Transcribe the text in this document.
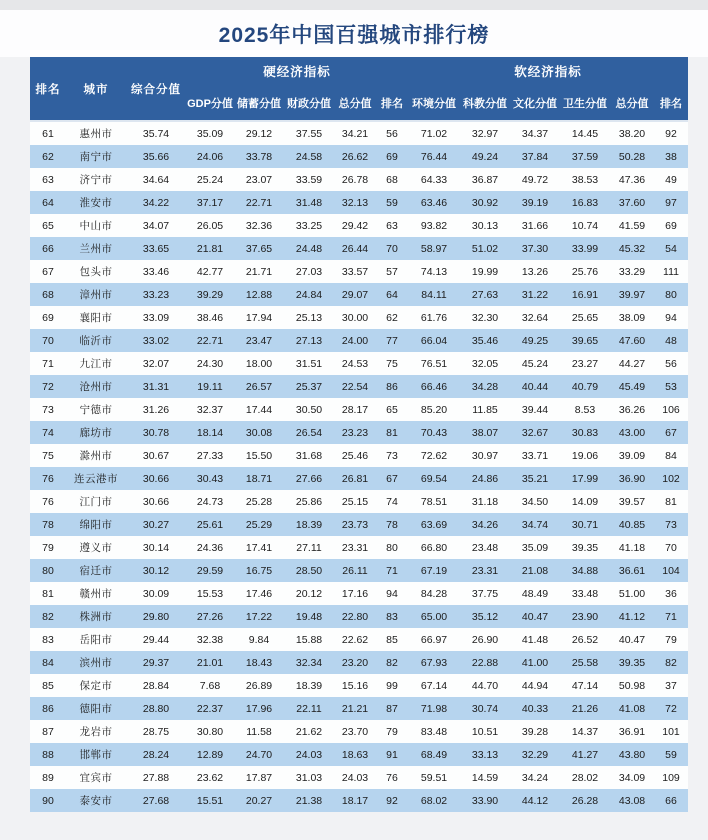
2025年中国百强城市排行榜
排名	城市	综合分值	硬经济指标					软经济指标					
			GDP分值	储蓄分值	财政分值	总分值	排名	环境分值	科教分值	文化分值	卫生分值	总分值	排名
61	惠州市	35.74	35.09	29.12	37.55	34.21	56	71.02	32.97	34.37	14.45	38.20	92
62	南宁市	35.66	24.06	33.78	24.58	26.62	69	76.44	49.24	37.84	37.59	50.28	38
63	济宁市	34.64	25.24	23.07	33.59	26.78	68	64.33	36.87	49.72	38.53	47.36	49
64	淮安市	34.22	37.17	22.71	31.48	32.13	59	63.46	30.92	39.19	16.83	37.60	97
65	中山市	34.07	26.05	32.36	33.25	29.42	63	93.82	30.13	31.66	10.74	41.59	69
66	兰州市	33.65	21.81	37.65	24.48	26.44	70	58.97	51.02	37.30	33.99	45.32	54
67	包头市	33.46	42.77	21.71	27.03	33.57	57	74.13	19.99	13.26	25.76	33.29	111
68	漳州市	33.23	39.29	12.88	24.84	29.07	64	84.11	27.63	31.22	16.91	39.97	80
69	襄阳市	33.09	38.46	17.94	25.13	30.00	62	61.76	32.30	32.64	25.65	38.09	94
70	临沂市	33.02	22.71	23.47	27.13	24.00	77	66.04	35.46	49.25	39.65	47.60	48
71	九江市	32.07	24.30	18.00	31.51	24.53	75	76.51	32.05	45.24	23.27	44.27	56
72	沧州市	31.31	19.11	26.57	25.37	22.54	86	66.46	34.28	40.44	40.79	45.49	53
73	宁德市	31.26	32.37	17.44	30.50	28.17	65	85.20	11.85	39.44	8.53	36.26	106
74	廊坊市	30.78	18.14	30.08	26.54	23.23	81	70.43	38.07	32.67	30.83	43.00	67
75	滁州市	30.67	27.33	15.50	31.68	25.46	73	72.62	30.97	33.71	19.06	39.09	84
76	连云港市	30.66	30.43	18.71	27.66	26.81	67	69.54	24.86	35.21	17.99	36.90	102
76	江门市	30.66	24.73	25.28	25.86	25.15	74	78.51	31.18	34.50	14.09	39.57	81
78	绵阳市	30.27	25.61	25.29	18.39	23.73	78	63.69	34.26	34.74	30.71	40.85	73
79	遵义市	30.14	24.36	17.41	27.11	23.31	80	66.80	23.48	35.09	39.35	41.18	70
80	宿迁市	30.12	29.59	16.75	28.50	26.11	71	67.19	23.31	21.08	34.88	36.61	104
81	赣州市	30.09	15.53	17.46	20.12	17.16	94	84.28	37.75	48.49	33.48	51.00	36
82	株洲市	29.80	27.26	17.22	19.48	22.80	83	65.00	35.12	40.47	23.90	41.12	71
83	岳阳市	29.44	32.38	9.84	15.88	22.62	85	66.97	26.90	41.48	26.52	40.47	79
84	滨州市	29.37	21.01	18.43	32.34	23.20	82	67.93	22.88	41.00	25.58	39.35	82
85	保定市	28.84	7.68	26.89	18.39	15.16	99	67.14	44.70	44.94	47.14	50.98	37
86	德阳市	28.80	22.37	17.96	22.11	21.21	87	71.98	30.74	40.33	21.26	41.08	72
87	龙岩市	28.75	30.80	11.58	21.62	23.70	79	83.48	10.51	39.28	14.37	36.91	101
88	邯郸市	28.24	12.89	24.70	24.03	18.63	91	68.49	33.13	32.29	41.27	43.80	59
89	宜宾市	27.88	23.62	17.87	31.03	24.03	76	59.51	14.59	34.24	28.02	34.09	109
90	泰安市	27.68	15.51	20.27	21.38	18.17	92	68.02	33.90	44.12	26.28	43.08	66
